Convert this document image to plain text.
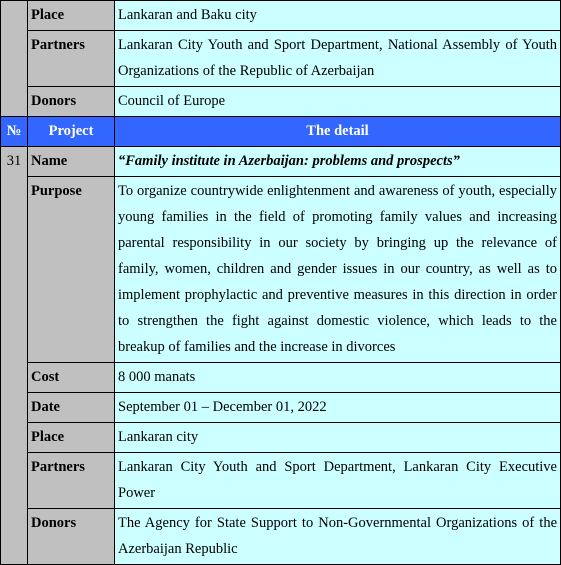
	Place	Lankaran and Baku city
	Partners	Lankaran City Youth and Sport Department, National Assembly of Youth Organizations of the Republic of Azerbaijan
	Donors	Council of Europe
№	Project	The detail
31	Name	“Family institute in Azerbaijan: problems and prospects”
	Purpose	To organize countrywide enlightenment and awareness of youth, especially young families in the field of promoting family values and increasing parental responsibility in our society by bringing up the relevance of family, women, children and gender issues in our country, as well as to implement prophylactic and preventive measures in this direction in order to strengthen the fight against domestic violence, which leads to the breakup of families and the increase in divorces
	Cost	8 000 manats
	Date	September 01 – December 01, 2022
	Place	Lankaran city
	Partners	Lankaran City Youth and Sport Department, Lankaran City Executive Power
	Donors	The Agency for State Support to Non-Governmental Organizations of the Azerbaijan Republic
